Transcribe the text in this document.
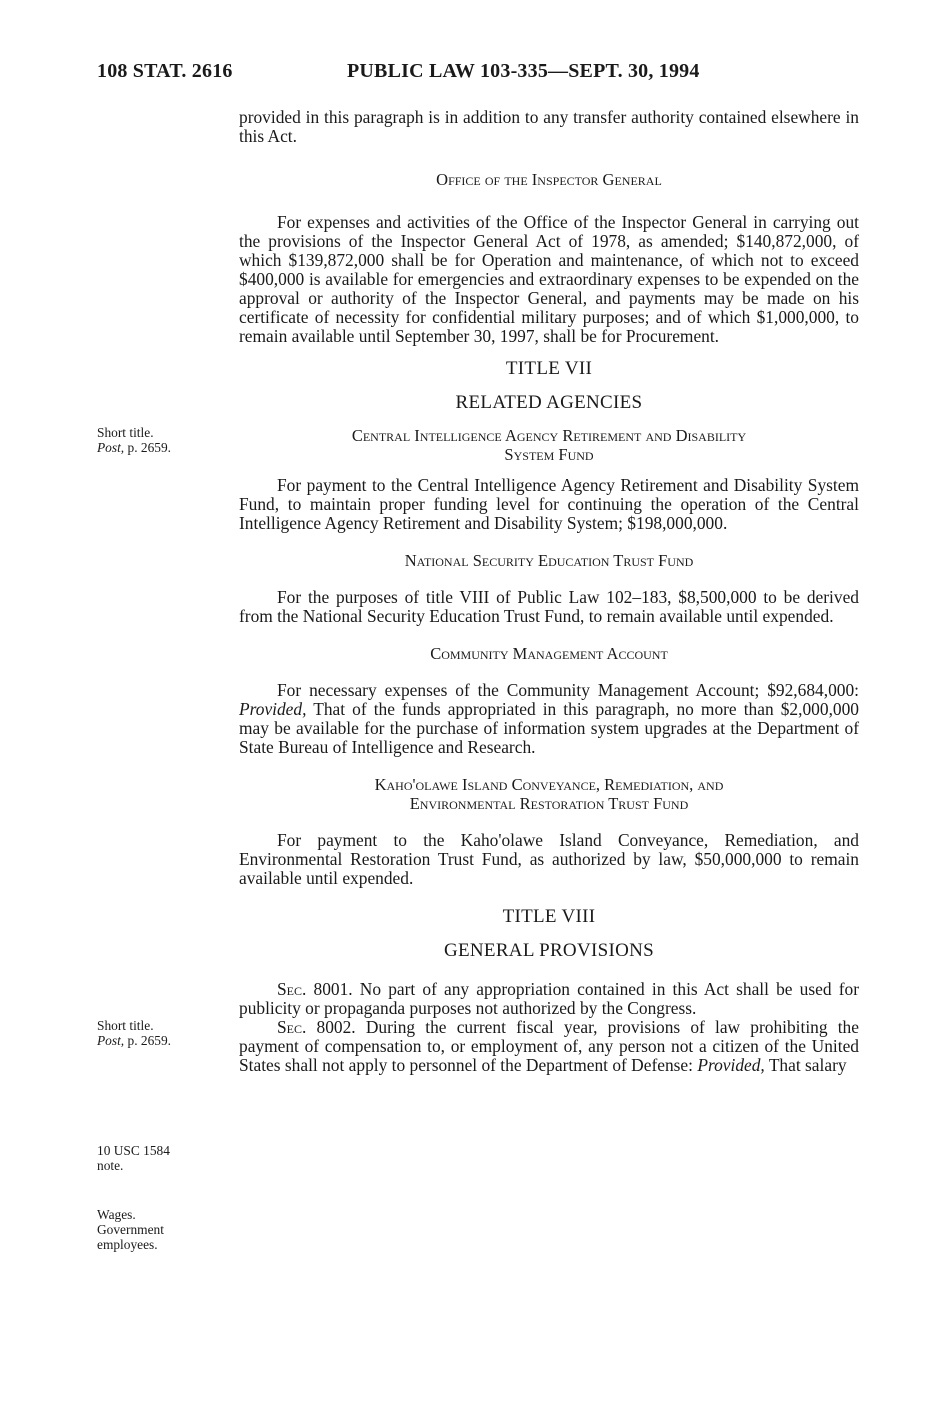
108 STAT. 2616	PUBLIC LAW 103-335—SEPT. 30, 1994
Short title.
Post, p. 2659.
Short title.
Post, p. 2659.
10 USC 1584
note.
Wages.
Government
employees.

provided in this paragraph is in addition to any transfer authority contained elsewhere in this Act.

Office of the Inspector General

For expenses and activities of the Office of the Inspector General in carrying out the provisions of the Inspector General Act of 1978, as amended; $140,872,000, of which $139,872,000 shall be for Operation and maintenance, of which not to exceed $400,000 is available for emergencies and extraordinary expenses to be expended on the approval or authority of the Inspector General, and payments may be made on his certificate of necessity for confidential military purposes; and of which $1,000,000, to remain available until September 30, 1997, shall be for Procurement.

TITLE VII

RELATED AGENCIES

Central Intelligence Agency Retirement and Disability

System Fund

For payment to the Central Intelligence Agency Retirement and Disability System Fund, to maintain proper funding level for continuing the operation of the Central Intelligence Agency Retirement and Disability System; $198,000,000.

National Security Education Trust Fund

For the purposes of title VIII of Public Law 102–183, $8,500,000 to be derived from the National Security Education Trust Fund, to remain available until expended.

Community Management Account

For necessary expenses of the Community Management Account; $92,684,000: Provided, That of the funds appropriated in this paragraph, no more than $2,000,000 may be available for the purchase of information system upgrades at the Department of State Bureau of Intelligence and Research.

Kaho'olawe Island Conveyance, Remediation, and

Environmental Restoration Trust Fund

For payment to the Kaho'olawe Island Conveyance, Remediation, and Environmental Restoration Trust Fund, as authorized by law, $50,000,000 to remain available until expended.

TITLE VIII

GENERAL PROVISIONS

Sec. 8001. No part of any appropriation contained in this Act shall be used for publicity or propaganda purposes not authorized by the Congress.

Sec. 8002. During the current fiscal year, provisions of law prohibiting the payment of compensation to, or employment of, any person not a citizen of the United States shall not apply to personnel of the Department of Defense: Provided, That salary
